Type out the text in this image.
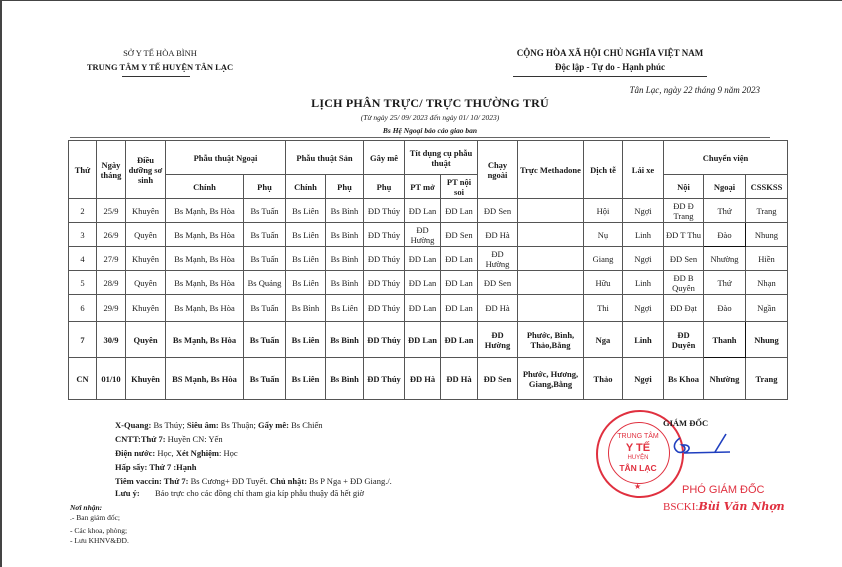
SỞ Y TẾ HÒA BÌNH
TRUNG TÂM Y TẾ HUYỆN TÂN LẠC
CỘNG HÒA XÃ HỘI CHỦ NGHĨA VIỆT NAM
Độc lập - Tự do - Hạnh phúc
Tân Lạc, ngày 22 tháng 9 năm 2023
LỊCH PHÂN TRỰC/ TRỰC THƯỜNG TRÚ
(Từ ngày 25/ 09/ 2023 đến ngày 01/ 10/ 2023)
Bs Hệ Ngoại báo cáo giao ban
Thứ	Ngày tháng	Điều dưỡng sơ sinh	Phẫu thuật Ngoại		Phẫu thuật Sản		Gây mê	Tít dụng cụ phẫu thuật		Chạy ngoài	Trực Methadone	Dịch tễ	Lái xe	Chuyển viện		
			Chính	Phụ	Chính	Phụ	Phụ	PT mở	PT nội soi					Nội	Ngoại	CSSKSS
2	25/9	Khuyên	Bs Mạnh, Bs Hòa	Bs Tuấn	Bs Liên	Bs Bình	ĐD Thúy	ĐD Lan	ĐD Lan	ĐD Sen		Hội	Ngợi	ĐD Đ Trang	Thứ	Trang
3	26/9	Quyên	Bs Mạnh, Bs Hòa	Bs Tuấn	Bs Liên	Bs Bình	ĐD Thúy	ĐD Hường	ĐD Sen	ĐD Hà		Nụ	Linh	ĐD T Thu	Đào	Nhung
4	27/9	Khuyên	Bs Mạnh, Bs Hòa	Bs Tuấn	Bs Liên	Bs Bình	ĐD Thúy	ĐD Lan	ĐD Lan	ĐD Hường		Giang	Ngợi	ĐD Sen	Nhường	Hiền
5	28/9	Quyên	Bs Mạnh, Bs Hòa	Bs Quảng	Bs Liên	Bs Bình	ĐD Thúy	ĐD Lan	ĐD Lan	ĐD Sen		Hữu	Linh	ĐD B Quyên	Thứ	Nhạn
6	29/9	Khuyên	Bs Mạnh, Bs Hòa	Bs Tuấn	Bs Bình	Bs Liên	ĐD Thúy	ĐD Lan	ĐD Lan	ĐD Hà		Thi	Ngợi	ĐD Đạt	Đào	Ngần
7	30/9	Quyên	Bs Mạnh, Bs Hòa	Bs Tuấn	Bs Liên	Bs Bình	ĐD Thúy	ĐD Lan	ĐD Lan	ĐD Hường	Phước, Bình, Thảo,Bằng	Nga	Linh	ĐD Duyên	Thanh	Nhung
CN	01/10	Khuyên	BS Mạnh, Bs Hòa	Bs Tuấn	Bs Liên	Bs Bình	ĐD Thúy	ĐD Hà	ĐD Hà	ĐD Sen	Phước, Hương, Giang,Bằng	Thảo	Ngợi	Bs Khoa	Nhường	Trang
X-Quang: Bs Thúy; Siêu âm: Bs Thuận; Gẩy mê: Bs Chiến
CNTT:Thứ 7: Huyền CN: Yến
Điện nước: Học, Xét Nghiệm: Học
Hấp sấy: Thứ 7 :Hạnh
Tiêm vaccin: Thứ 7: Bs Cương+ ĐD Tuyết. Chủ nhật: Bs P Nga + ĐD Giang./.
Lưu ý: Báo trực cho các đồng chí tham gia kíp phẫu thuậy đã hết giờ
Nơi nhận:
.- Ban giám đốc;
- Các khoa, phòng;
- Lưu KHNV&ĐD.
TRUNG TÂM
Y TẾ
HUYỆN
TÂN LẠC
★
GIÁM ĐỐC
PHÓ GIÁM ĐỐC
BSCKI:Bùi Văn Nhợn
